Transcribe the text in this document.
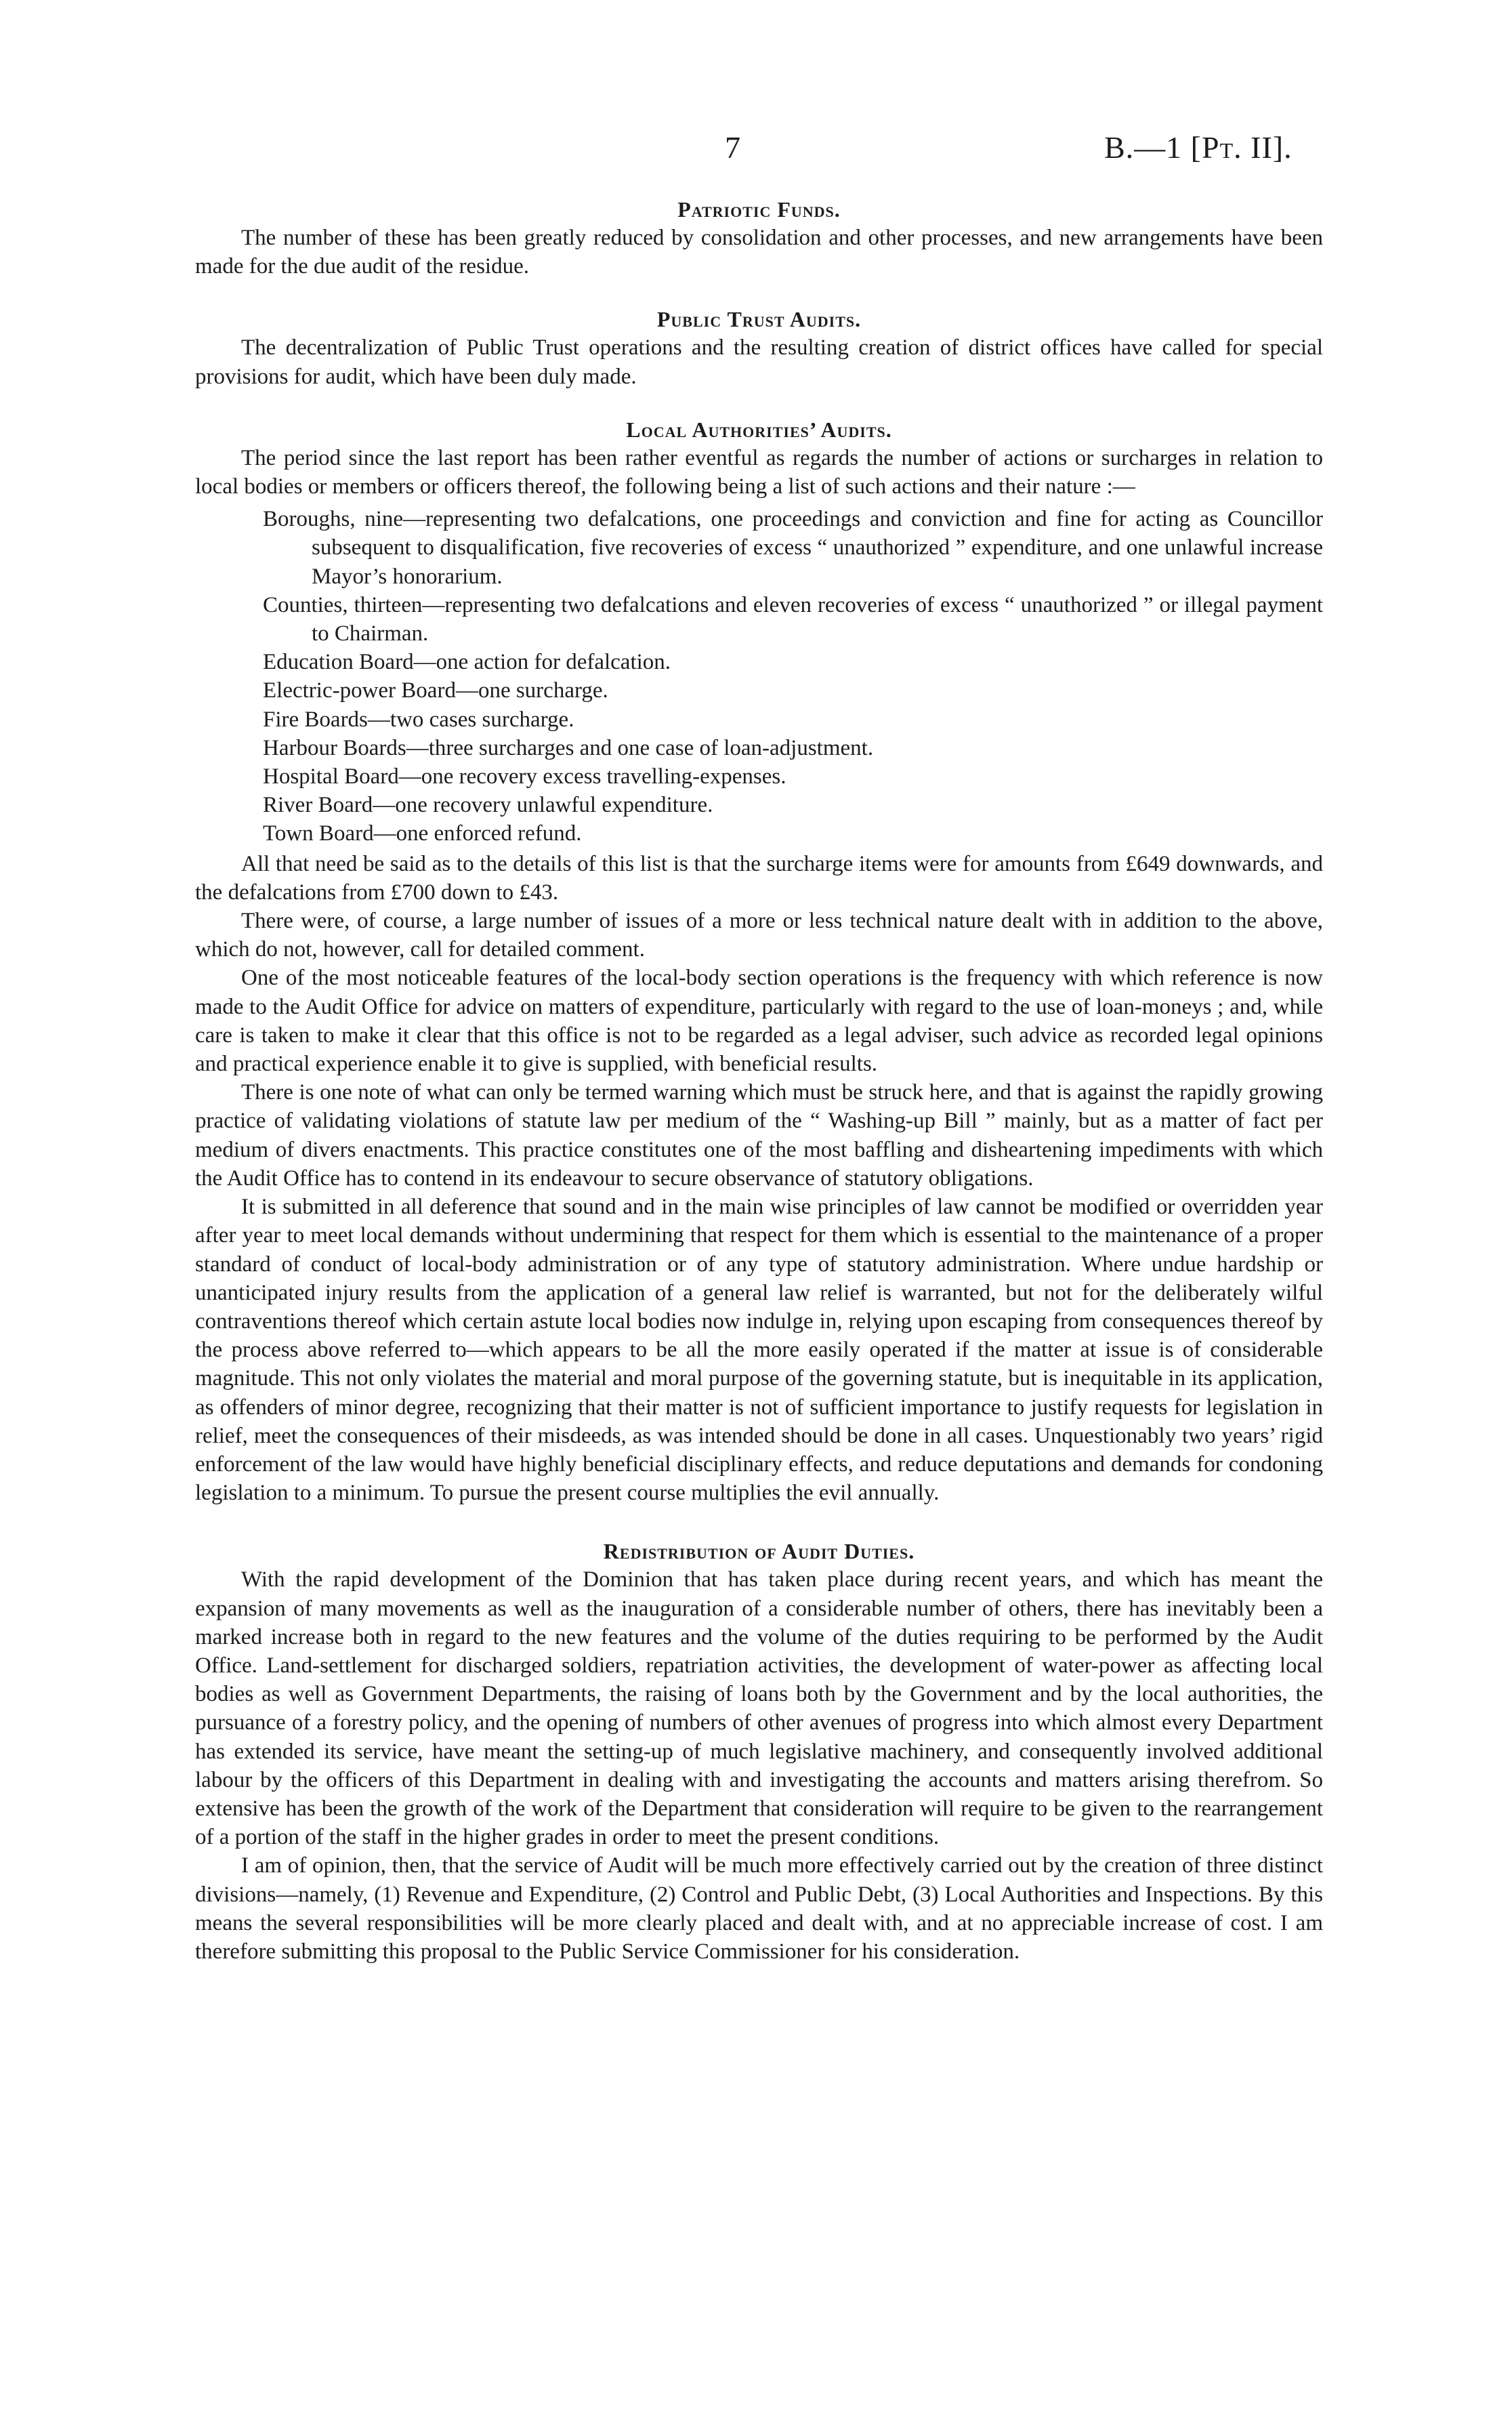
7	B.—1 [Pt. II].
Patriotic Funds.

The number of these has been greatly reduced by consolidation and other processes, and new arrangements have been made for the due audit of the residue.

Public Trust Audits.

The decentralization of Public Trust operations and the resulting creation of district offices have called for special provisions for audit, which have been duly made.

Local Authorities’ Audits.

The period since the last report has been rather eventful as regards the number of actions or surcharges in relation to local bodies or members or officers thereof, the following being a list of such actions and their nature :—

Boroughs, nine—representing two defalcations, one proceedings and conviction and fine for acting as Councillor subsequent to disqualification, five recoveries of excess “ unauthorized ” expenditure, and one unlawful increase Mayor’s honorarium.
Counties, thirteen—representing two defalcations and eleven recoveries of excess “ unauthorized ” or illegal payment to Chairman.
Education Board—one action for defalcation.
Electric-power Board—one surcharge.
Fire Boards—two cases surcharge.
Harbour Boards—three surcharges and one case of loan-adjustment.
Hospital Board—one recovery excess travelling-expenses.
River Board—one recovery unlawful expenditure.
Town Board—one enforced refund.

All that need be said as to the details of this list is that the surcharge items were for amounts from £649 downwards, and the defalcations from £700 down to £43.

There were, of course, a large number of issues of a more or less technical nature dealt with in addition to the above, which do not, however, call for detailed comment.

One of the most noticeable features of the local-body section operations is the frequency with which reference is now made to the Audit Office for advice on matters of expenditure, particularly with regard to the use of loan-moneys ; and, while care is taken to make it clear that this office is not to be regarded as a legal adviser, such advice as recorded legal opinions and practical experience enable it to give is supplied, with beneficial results.

There is one note of what can only be termed warning which must be struck here, and that is against the rapidly growing practice of validating violations of statute law per medium of the “ Washing-up Bill ” mainly, but as a matter of fact per medium of divers enactments. This practice constitutes one of the most baffling and disheartening impediments with which the Audit Office has to contend in its endeavour to secure observance of statutory obligations.

It is submitted in all deference that sound and in the main wise principles of law cannot be modified or overridden year after year to meet local demands without undermining that respect for them which is essential to the maintenance of a proper standard of conduct of local-body administration or of any type of statutory administration. Where undue hardship or unanticipated injury results from the application of a general law relief is warranted, but not for the deliberately wilful contraventions thereof which certain astute local bodies now indulge in, relying upon escaping from consequences thereof by the process above referred to—which appears to be all the more easily operated if the matter at issue is of considerable magnitude. This not only violates the material and moral purpose of the governing statute, but is inequitable in its application, as offenders of minor degree, recognizing that their matter is not of sufficient importance to justify requests for legislation in relief, meet the consequences of their misdeeds, as was intended should be done in all cases. Unquestionably two years’ rigid enforcement of the law would have highly beneficial disciplinary effects, and reduce deputations and demands for condoning legislation to a minimum. To pursue the present course multiplies the evil annually.

Redistribution of Audit Duties.

With the rapid development of the Dominion that has taken place during recent years, and which has meant the expansion of many movements as well as the inauguration of a considerable number of others, there has inevitably been a marked increase both in regard to the new features and the volume of the duties requiring to be performed by the Audit Office. Land-settlement for discharged soldiers, repatriation activities, the development of water-power as affecting local bodies as well as Government Departments, the raising of loans both by the Government and by the local authorities, the pursuance of a forestry policy, and the opening of numbers of other avenues of progress into which almost every Department has extended its service, have meant the setting-up of much legislative machinery, and consequently involved additional labour by the officers of this Department in dealing with and investigating the accounts and matters arising therefrom. So extensive has been the growth of the work of the Department that consideration will require to be given to the rearrangement of a portion of the staff in the higher grades in order to meet the present conditions.

I am of opinion, then, that the service of Audit will be much more effectively carried out by the creation of three distinct divisions—namely, (1) Revenue and Expenditure, (2) Control and Public Debt, (3) Local Authorities and Inspections. By this means the several responsibilities will be more clearly placed and dealt with, and at no appreciable increase of cost. I am therefore submitting this proposal to the Public Service Commissioner for his consideration.
